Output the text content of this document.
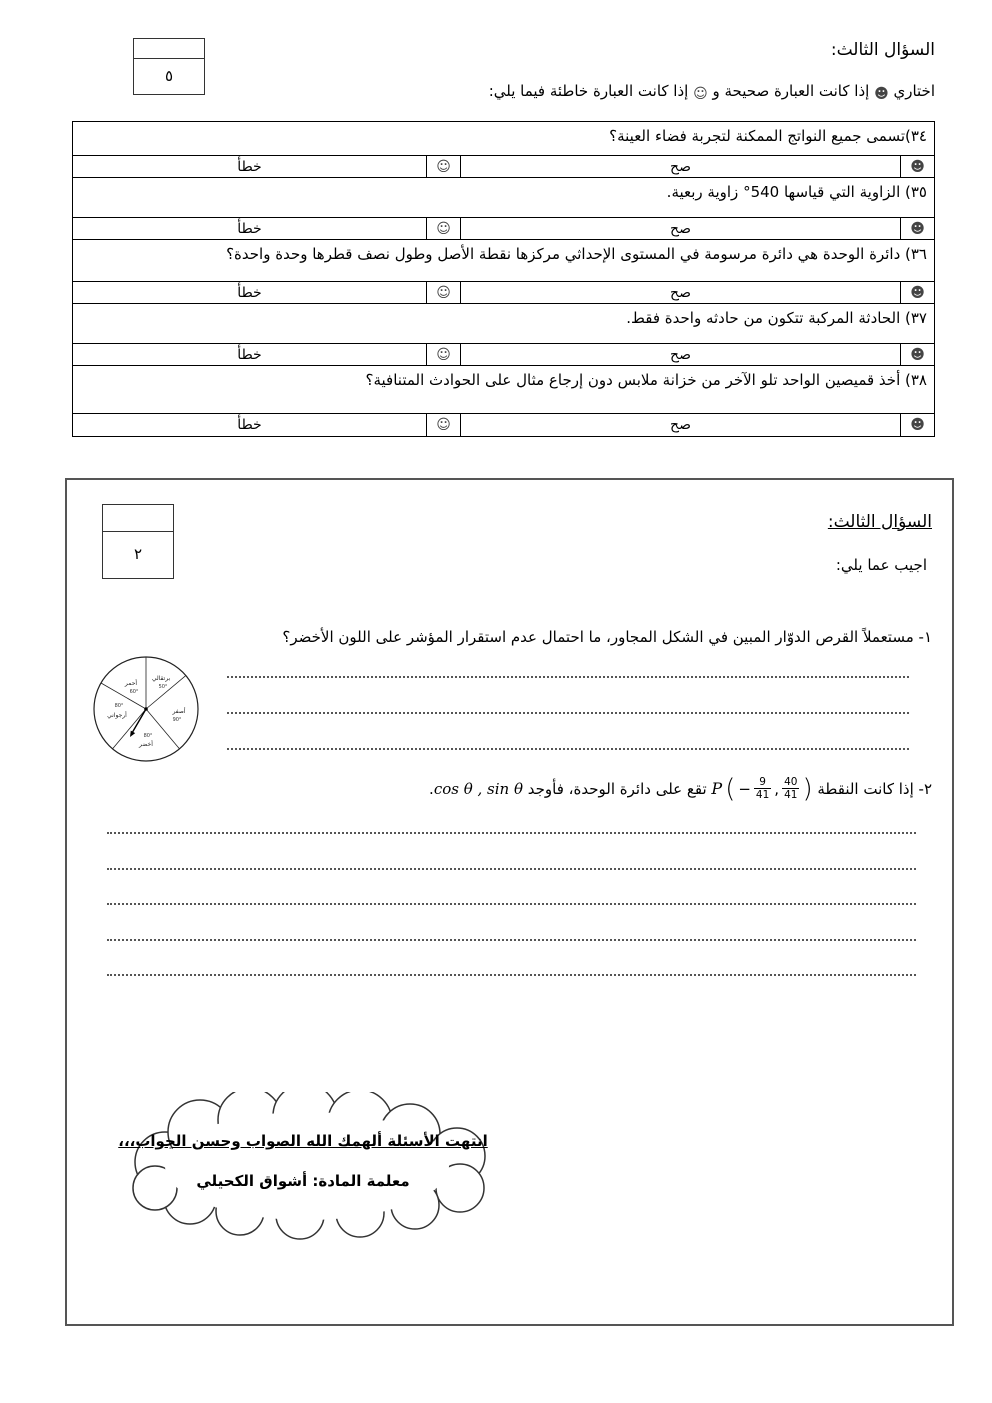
السؤال الثالث:
٥
اختاري ☻ إذا كانت العبارة صحيحة و ☺ إذا كانت العبارة خاطئة فيما يلي:
٣٤)تسمى جميع النواتج الممكنة لتجربة فضاء العينة؟
☻
صح
☺
خطأ
٣٥) الزاوية التي قياسها 540° زاوية ربعية.
☻
صح
☺
خطأ
٣٦) دائرة الوحدة هي دائرة مرسومة في المستوى الإحداثي مركزها نقطة الأصل وطول نصف قطرها وحدة واحدة؟
☻
صح
☺
خطأ
٣٧) الحادثة المركبة تتكون من حادثه واحدة فقط.
☻
صح
☺
خطأ
٣٨) أخذ قميصين الواحد تلو الآخر من خزانة ملابس دون إرجاع مثال على الحوادث المتنافية؟
☻
صح
☺
خطأ
السؤال الثالث:
٢
اجيب عما يلي:
١- مستعملاً القرص الدوّار المبين في الشكل المجاور، ما احتمال عدم استقرار المؤشر على اللون الأخضر؟
أحمر
60°
برتقالي
50°
أصفر
90°
أخضر
80°
أرجواني
80°
٢- إذا كانت النقطة
P ( − $\frac{9}{41}$ , $\frac{40}{41}$ )
تقع على دائرة الوحدة، فأوجد cos θ , sin θ.
انتهت الأسئلة ألهمك الله الصواب وحسن الجواب،،،
معلمة المادة: أشواق الكحيلي
